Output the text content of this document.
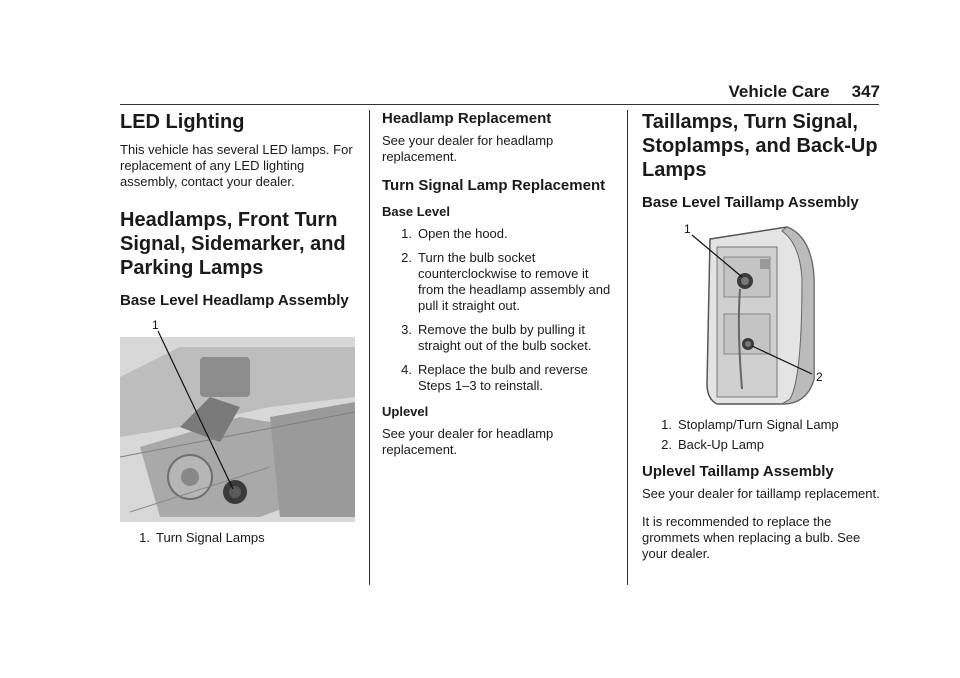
Vehicle Care 347
LED Lighting

This vehicle has several LED lamps. For replacement of any LED lighting assembly, contact your dealer.

Headlamps, Front Turn Signal, Sidemarker, and Parking Lamps
Base Level Headlamp Assembly
1
1. Turn Signal Lamps
Headlamp Replacement

See your dealer for headlamp replacement.

Turn Signal Lamp Replacement
Base Level
1. Open the hood.
2. Turn the bulb socket counterclockwise to remove it from the headlamp assembly and pull it straight out.
3. Remove the bulb by pulling it straight out of the bulb socket.
4. Replace the bulb and reverse Steps 1–3 to reinstall.
Uplevel

See your dealer for headlamp replacement.

Taillamps, Turn Signal, Stoplamps, and Back-Up Lamps
Base Level Taillamp Assembly
1
2
1. Stoplamp/Turn Signal Lamp
2. Back-Up Lamp
Uplevel Taillamp Assembly

See your dealer for taillamp replacement.

It is recommended to replace the grommets when replacing a bulb. See your dealer.
